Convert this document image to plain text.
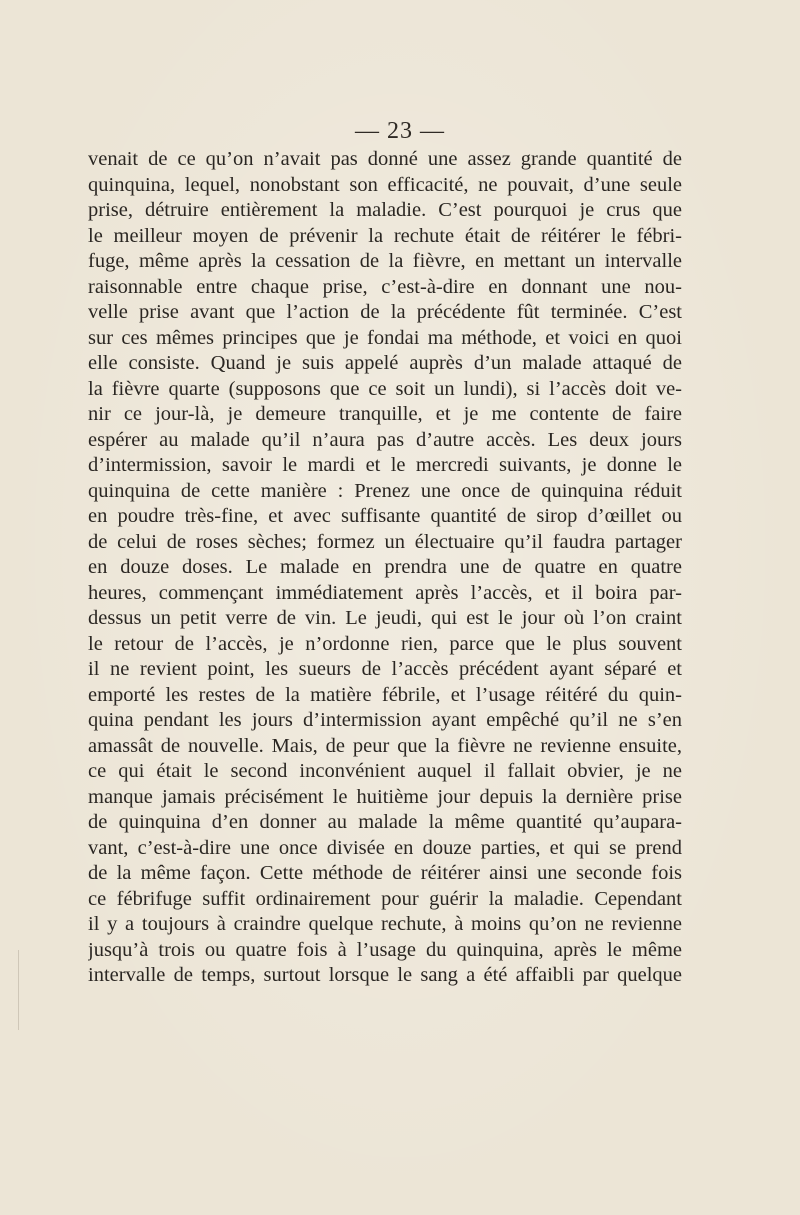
— 23 —
venait de ce qu’on n’avait pas donné une assez grande quantité de
quinquina, lequel, nonobstant son efficacité, ne pouvait, d’une seule
prise, détruire entièrement la maladie. C’est pourquoi je crus que
le meilleur moyen de prévenir la rechute était de réitérer le fébri-
fuge, même après la cessation de la fièvre, en mettant un intervalle
raisonnable entre chaque prise, c’est-à-dire en donnant une nou-
velle prise avant que l’action de la précédente fût terminée. C’est
sur ces mêmes principes que je fondai ma méthode, et voici en quoi
elle consiste. Quand je suis appelé auprès d’un malade attaqué de
la fièvre quarte (supposons que ce soit un lundi), si l’accès doit ve-
nir ce jour-là, je demeure tranquille, et je me contente de faire
espérer au malade qu’il n’aura pas d’autre accès. Les deux jours
d’intermission, savoir le mardi et le mercredi suivants, je donne le
quinquina de cette manière : Prenez une once de quinquina réduit
en poudre très-fine, et avec suffisante quantité de sirop d’œillet ou
de celui de roses sèches; formez un électuaire qu’il faudra partager
en douze doses. Le malade en prendra une de quatre en quatre
heures, commençant immédiatement après l’accès, et il boira par-
dessus un petit verre de vin. Le jeudi, qui est le jour où l’on craint
le retour de l’accès, je n’ordonne rien, parce que le plus souvent
il ne revient point, les sueurs de l’accès précédent ayant séparé et
emporté les restes de la matière fébrile, et l’usage réitéré du quin-
quina pendant les jours d’intermission ayant empêché qu’il ne s’en
amassât de nouvelle. Mais, de peur que la fièvre ne revienne ensuite,
ce qui était le second inconvénient auquel il fallait obvier, je ne
manque jamais précisément le huitième jour depuis la dernière prise
de quinquina d’en donner au malade la même quantité qu’aupara-
vant, c’est-à-dire une once divisée en douze parties, et qui se prend
de la même façon. Cette méthode de réitérer ainsi une seconde fois
ce fébrifuge suffit ordinairement pour guérir la maladie. Cependant
il y a toujours à craindre quelque rechute, à moins qu’on ne revienne
jusqu’à trois ou quatre fois à l’usage du quinquina, après le même
intervalle de temps, surtout lorsque le sang a été affaibli par quelque
